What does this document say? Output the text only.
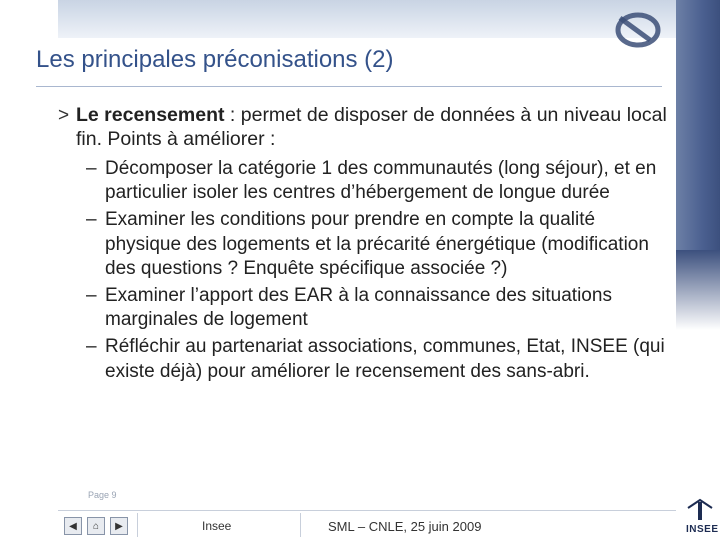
Les principales préconisations (2)

> Le recensement : permet de disposer de données à un niveau local fin. Points à améliorer :

– Décomposer la catégorie 1 des communautés (long séjour), et en particulier isoler les centres d’hébergement de longue durée
– Examiner les conditions pour prendre en compte la qualité physique des logements et la précarité énergétique (modification des questions ? Enquête spécifique associée ?)
– Examiner l’apport des EAR à la connaissance des situations marginales de logement
– Réfléchir au partenariat associations, communes, Etat, INSEE (qui existe déjà) pour améliorer le recensement des sans-abri.
Page 9
◀ ⌂ ▶	Insee	SML – CNLE, 25 juin 2009	INSEE
